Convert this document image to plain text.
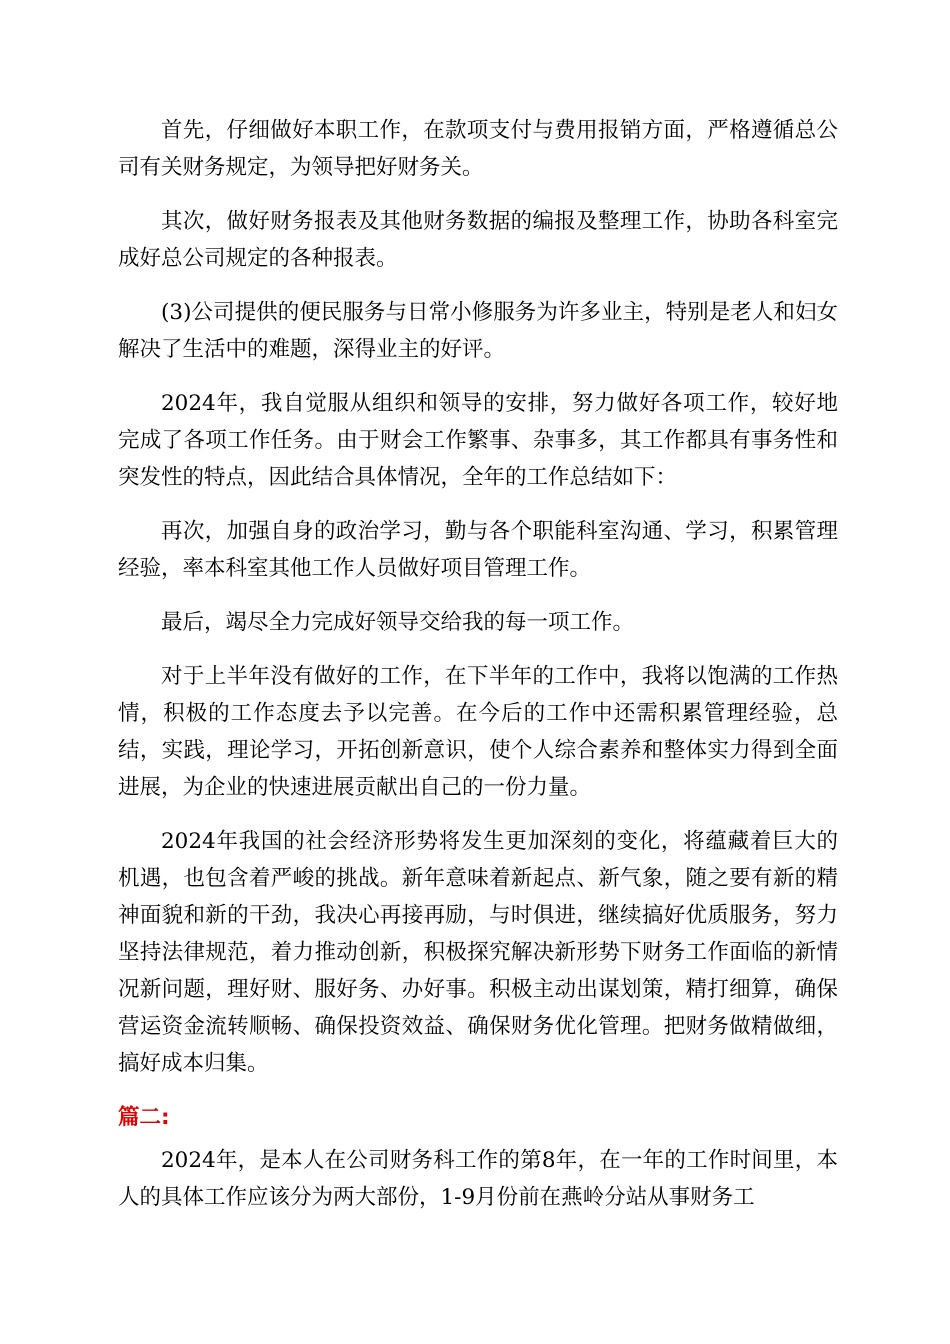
首先，仔细做好本职工作，在款项支付与费用报销方面，严格遵循总公司有关财务规定，为领导把好财务关。

其次，做好财务报表及其他财务数据的编报及整理工作，协助各科室完成好总公司规定的各种报表。

(3)公司提供的便民服务与日常小修服务为许多业主，特别是老人和妇女解决了生活中的难题，深得业主的好评。

2024年，我自觉服从组织和领导的安排，努力做好各项工作，较好地完成了各项工作任务。由于财会工作繁事、杂事多，其工作都具有事务性和突发性的特点，因此结合具体情况，全年的工作总结如下：

再次，加强自身的政治学习，勤与各个职能科室沟通、学习，积累管理经验，率本科室其他工作人员做好项目管理工作。

最后，竭尽全力完成好领导交给我的每一项工作。

对于上半年没有做好的工作，在下半年的工作中，我将以饱满的工作热情，积极的工作态度去予以完善。在今后的工作中还需积累管理经验，总结，实践，理论学习，开拓创新意识，使个人综合素养和整体实力得到全面进展，为企业的快速进展贡献出自己的一份力量。

2024年我国的社会经济形势将发生更加深刻的变化，将蕴藏着巨大的机遇，也包含着严峻的挑战。新年意味着新起点、新气象，随之要有新的精神面貌和新的干劲，我决心再接再励，与时俱进，继续搞好优质服务，努力坚持法律规范，着力推动创新，积极探究解决新形势下财务工作面临的新情况新问题，理好财、服好务、办好事。积极主动出谋划策，精打细算，确保营运资金流转顺畅、确保投资效益、确保财务优化管理。把财务做精做细，搞好成本归集。

篇二:

2024年，是本人在公司财务科工作的第8年，在一年的工作时间里，本人的具体工作应该分为两大部份，1-9月份前在燕岭分站从事财务工
